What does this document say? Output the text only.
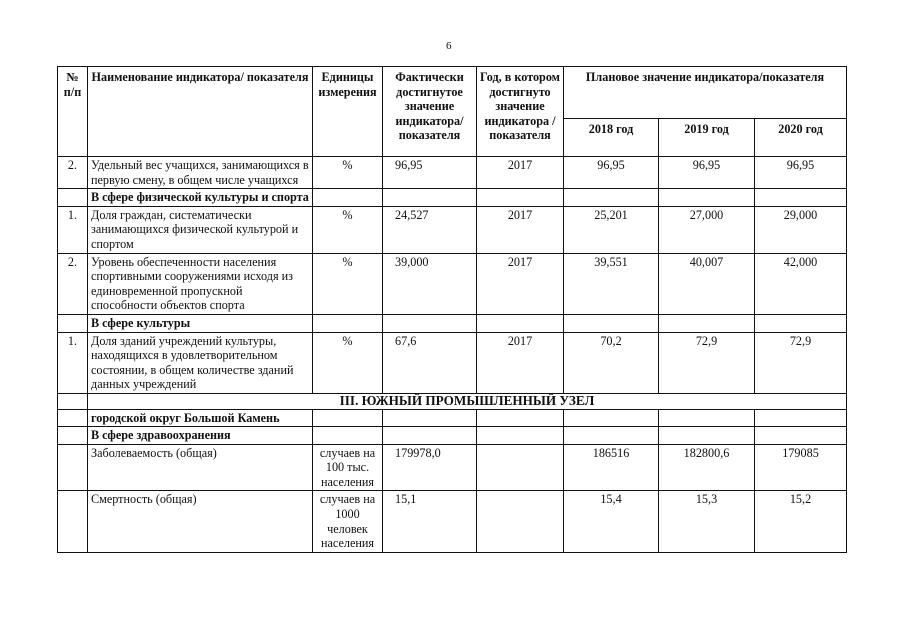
6
№ п/п	Наименование индикатора/ показателя	Единицы измерения	Фактически достигнутое значение индикатора/ показателя	Год, в котором достигнуто значение индикатора /показателя	Плановое значение индикатора/показателя		
					2018 год	2019 год	2020 год
2.	Удельный вес учащихся, занимающихся в первую смену, в общем числе учащихся	%	96,95	2017	96,95	96,95	96,95
	В сфере физической культуры и спорта						
1.	Доля граждан, систематически занимающихся физической культурой и спортом	%	24,527	2017	25,201	27,000	29,000
2.	Уровень обеспеченности населения спортивными сооружениями исходя из единовременной пропускной способности объектов спорта	%	39,000	2017	39,551	40,007	42,000
	В сфере культуры						
1.	Доля зданий учреждений культуры, находящихся в удовлетворительном состоянии, в общем количестве зданий данных учреждений	%	67,6	2017	70,2	72,9	72,9
	III. ЮЖНЫЙ ПРОМЫШЛЕННЫЙ УЗЕЛ						
	городской округ Большой Камень						
	В сфере здравоохранения						
	Заболеваемость (общая)	случаев на 100 тыс. населения	179978,0		186516	182800,6	179085
	Смертность (общая)	случаев на 1000 человек населения	15,1		15,4	15,3	15,2
